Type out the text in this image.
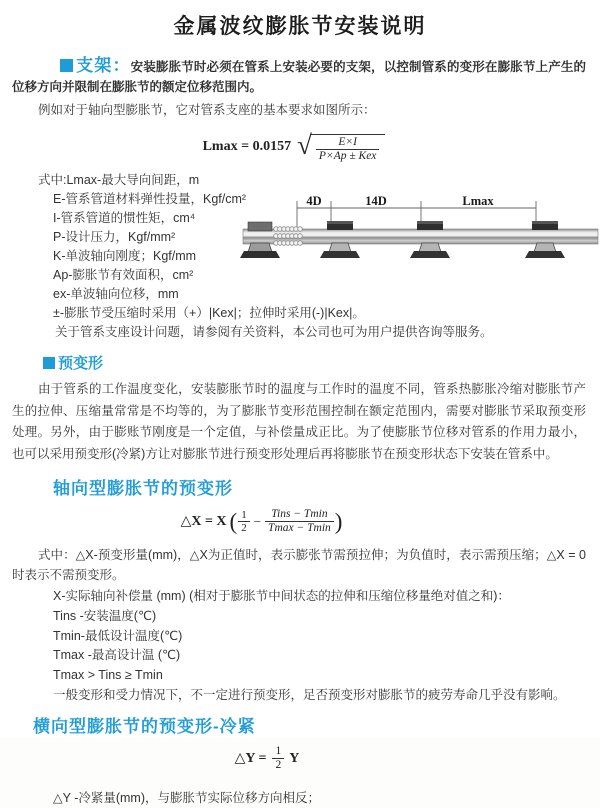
金属波纹膨胀节安装说明

支架：安装膨胀节时必须在管系上安装必要的支架，以控制管系的变形在膨胀节上产生的位移方向并限制在膨胀节的额定位移范围内。

例如对于轴向型膨胀节，它对管系支座的基本要求如图所示：

Lmax = 0.0157 √ $\frac{E\times I}{\text{P×Ap ± Kex}}$
式中:Lmax-最大导向间距，m
E-管系管道材料弹性投量，Kgf/cm²
I-管系管道的惯性矩，cm⁴
P-设计压力，Kgf/mm²
K-单波轴向刚度；Kgf/mm
Ap-膨胀节有效面积，cm²
ex-单波轴向位移，mm
±-膨胀节受压缩时采用（+）|Kex|；拉伸时采用(-)|Kex|。
关于管系支座设计问题，请参阅有关资料，本公司也可为用户提供咨询等服务。
4D	14D	Lmax
预变形

由于管系的工作温度变化，安装膨胀节时的温度与工作时的温度不同，管系热膨胀冷缩对膨胀节产生的拉伸、压缩量常常是不均等的，为了膨胀节变形范围控制在额定范围内，需要对膨胀节采取预变形处理。另外，由于膨账节刚度是一个定值，与补偿量成正比。为了使膨胀节位移对管系的作用力最小，也可以采用预变形(冷紧)方让对膨胀节进行预变形处理后再将膨胀节在预变形状态下安装在管系中。

轴向型膨胀节的预变形
△X = X ( $\frac{1}{2} - \frac{\text{Tins − Tmin}}{Tmax - Tmin}$ )

式中：△X-预变形量(mm)，△X为正值时，表示膨张节需预拉伸；为负值时，表示需预压缩；△X = 0时表示不需预变形。

X-实际轴向补偿量 (mm) (相对于膨胀节中间状态的拉伸和压缩位移量绝对值之和)：
Tins -安装温度(℃)
Tmin-最低设计温度(℃)
Tmax -最高设计温 (℃)
Tmax > Tins ≥ Tmin
一般变形和受力情况下，不一定进行预变形，足否预变形对膨胀节的疲劳寿命几乎没有影响。
横向型膨胀节的预变形-冷紧
△Y = $\frac{1}{2}$ Y

△Y -冷紧量(mm)，与膨胀节实际位移方向相反；
